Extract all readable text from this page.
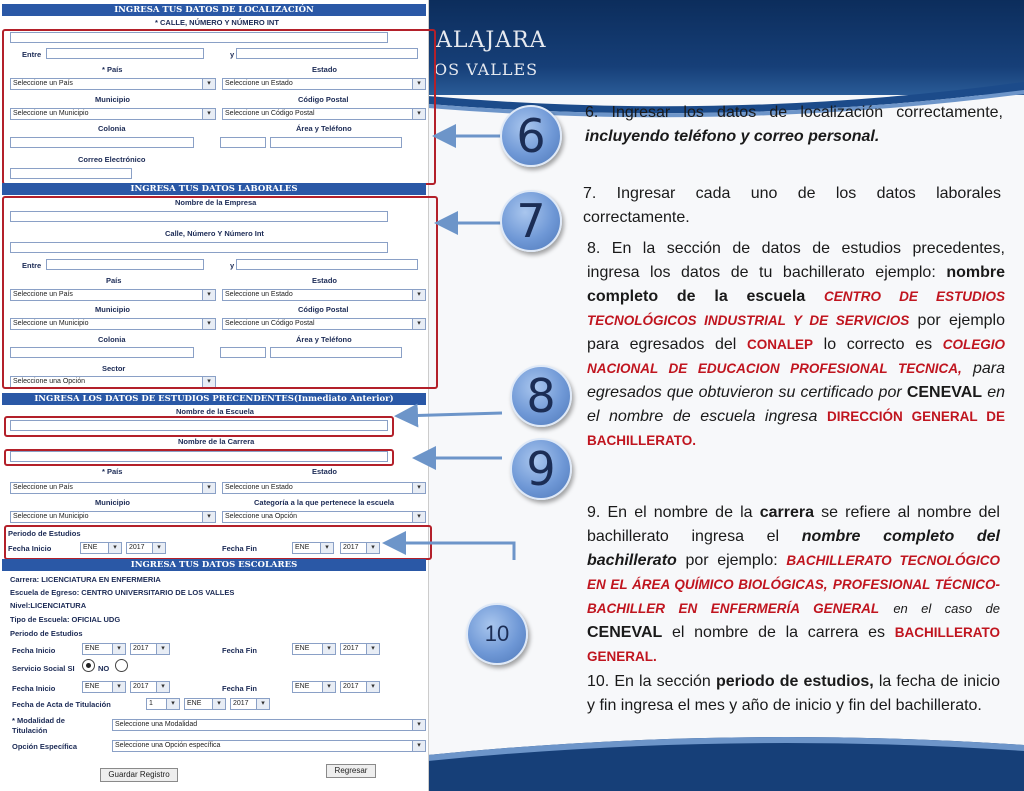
ALAJARA
OS VALLES
INGRESA TUS DATOS DE LOCALIZACIÓN
* CALLE, NÚMERO Y NÚMERO INT
Entre	y
* País	Estado
Seleccione un País	▾	Seleccione un Estado	▾
Municipio	Código Postal
Seleccione un Municipio	▾	Seleccione un Código Postal	▾
Colonia	Área y Teléfono
Correo Electrónico
INGRESA TUS DATOS LABORALES
Nombre de la Empresa
Calle, Número Y Número Int
Entre	y
País	Estado
Seleccione un País	▾	Seleccione un Estado	▾
Municipio	Código Postal
Seleccione un Municipio	▾	Seleccione un Código Postal	▾
Colonia	Área y Teléfono
Sector
Seleccione una Opción	▾
INGRESA LOS DATOS DE ESTUDIOS PRECENDENTES(Inmediato Anterior)
Nombre de la Escuela
Nombre de la Carrera
* País	Estado
Seleccione un País	▾	Seleccione un Estado	▾
Municipio	Categoría a la que pertenece la escuela
Seleccione un Municipio	▾	Seleccione una Opción	▾
Periodo de Estudios
Fecha Inicio	ENE	▾	2017	▾	Fecha Fin	ENE	▾	2017	▾
INGRESA TUS DATOS ESCOLARES
Carrera: LICENCIATURA EN ENFERMERIA
Escuela de Egreso: CENTRO UNIVERSITARIO DE LOS VALLES
Nivel:LICENCIATURA
Tipo de Escuela: OFICIAL UDG
Periodo de Estudios
Fecha Inicio	ENE	▾	2017	▾	Fecha Fin	ENE	▾	2017	▾
Servicio Social SI	NO
Fecha Inicio	ENE	▾	2017	▾	Fecha Fin	ENE	▾	2017	▾
Fecha de Acta de Titulación	1	▾	ENE	▾	2017	▾
* Modalidad de Titulación
Seleccione una Modalidad	▾
Opción Específica	Seleccione una Opción específica	▾
Guardar Registro	Regresar
6
7
8
9
10
6. Ingresar los datos de localización correctamente, incluyendo teléfono y correo personal.
7. Ingresar cada uno de los datos laborales correctamente.
8. En la sección de datos de estudios precedentes, ingresa los datos de tu bachillerato ejemplo: nombre completo de la escuela CENTRO DE ESTUDIOS TECNOLÓGICOS INDUSTRIAL Y DE SERVICIOS por ejemplo para egresados del CONALEP lo correcto es COLEGIO NACIONAL DE EDUCACION PROFESIONAL TECNICA, para egresados que obtuvieron su certificado por CENEVAL en el nombre de escuela ingresa DIRECCIÓN GENERAL DE BACHILLERATO.
9. En el nombre de la carrera se refiere al nombre del bachillerato ingresa el nombre completo del bachillerato por ejemplo: BACHILLERATO TECNOLÓGICO EN EL ÁREA QUÍMICO BIOLÓGICAS, PROFESIONAL TÉCNICO-BACHILLER EN ENFERMERÍA GENERAL en el caso de CENEVAL el nombre de la carrera es BACHILLERATO GENERAL.
10. En la sección periodo de estudios, la fecha de inicio y fin ingresa el mes y año de inicio y fin del bachillerato.
